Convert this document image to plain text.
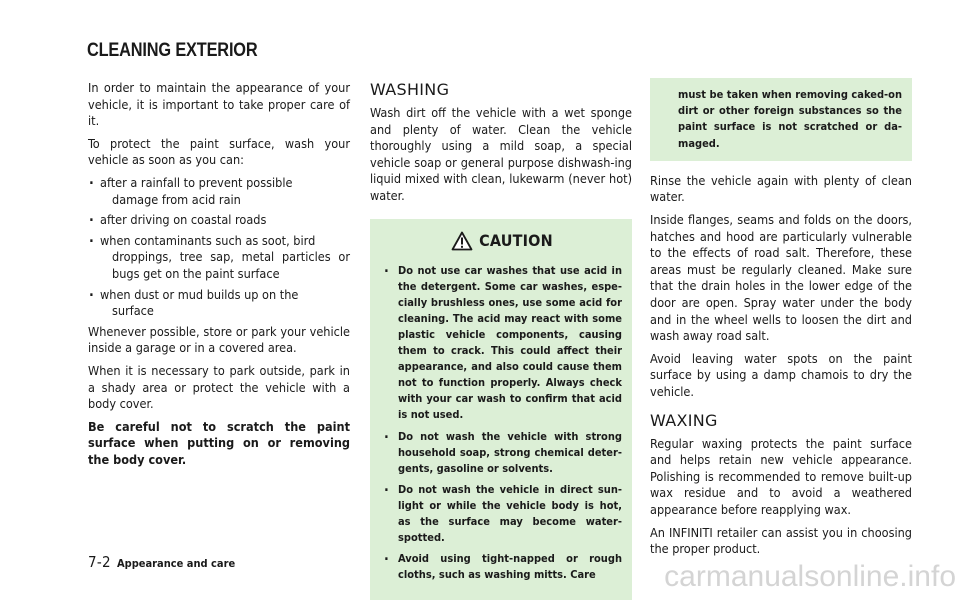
CLEANING EXTERIOR

In order to maintain the appearance of your vehicle, it is important to take proper care of it.

To protect the paint surface, wash your vehicle as soon as you can:

. after a rainfall to prevent possible
damage from acid rain
. after driving on coastal roads
. when contaminants such as soot, bird
droppings, tree sap, metal particles or bugs get on the paint surface
. when dust or mud builds up on the
surface

Whenever possible, store or park your vehicle inside a garage or in a covered area.

When it is necessary to park outside, park in a shady area or protect the vehicle with a body cover.

Be careful not to scratch the paint surface when putting on or removing the body cover.

WASHING

Wash dirt off the vehicle with a wet sponge and plenty of water. Clean the vehicle thoroughly using a mild soap, a special vehicle soap or general purpose dishwash-ing liquid mixed with clean, lukewarm (never hot) water.

CAUTION
. Do not use car washes that use acid in the detergent. Some car washes, espe-cially brushless ones, use some acid for cleaning. The acid may react with some plastic vehicle components, causing them to crack. This could affect their appearance, and also could cause them not to function properly. Always check with your car wash to confirm that acid is not used.
. Do not wash the vehicle with strong household soap, strong chemical deter-gents, gasoline or solvents.
. Do not wash the vehicle in direct sun-light or while the vehicle body is hot, as the surface may become water-spotted.
. Avoid using tight-napped or rough cloths, such as washing mitts. Care

must be taken when removing caked-on dirt or other foreign substances so the paint surface is not scratched or da-maged.

Rinse the vehicle again with plenty of clean water.

Inside flanges, seams and folds on the doors, hatches and hood are particularly vulnerable to the effects of road salt. Therefore, these areas must be regularly cleaned. Make sure that the drain holes in the lower edge of the door are open. Spray water under the body and in the wheel wells to loosen the dirt and wash away road salt.

Avoid leaving water spots on the paint surface by using a damp chamois to dry the vehicle.

WAXING

Regular waxing protects the paint surface and helps retain new vehicle appearance. Polishing is recommended to remove built-up wax residue and to avoid a weathered appearance before reapplying wax.

An INFINITI retailer can assist you in choosing the proper product.

7-2 Appearance and care	carmanualsonline.info
